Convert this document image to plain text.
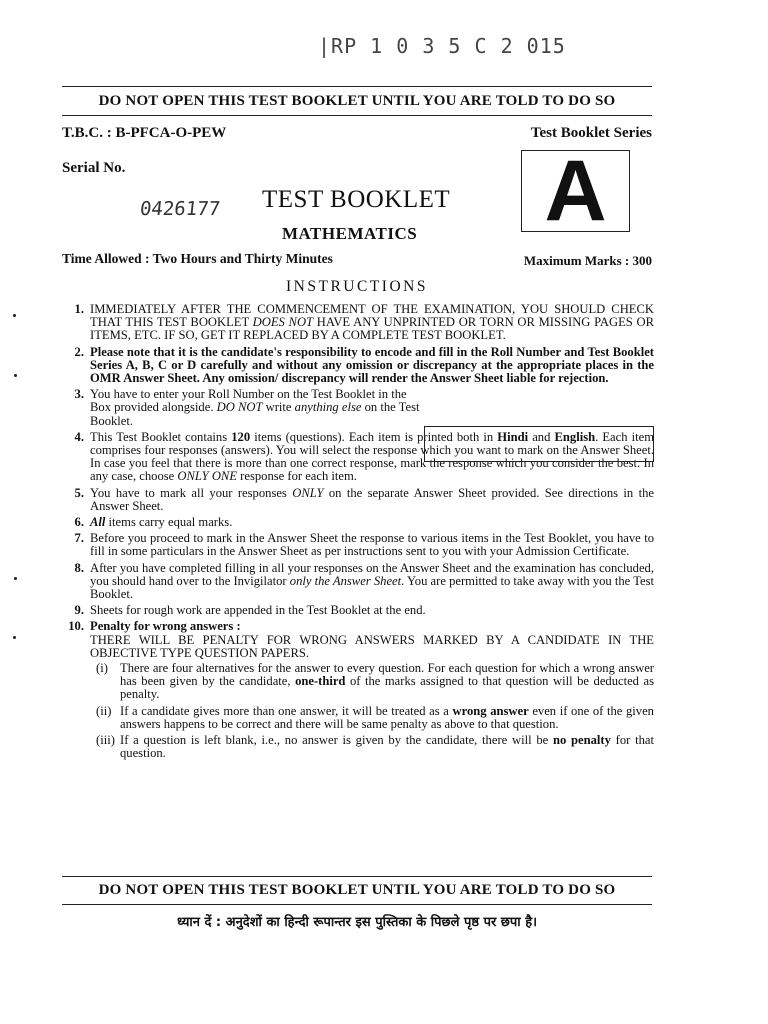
|RP 1 0 3 5 C 2 015
DO NOT OPEN THIS TEST BOOKLET UNTIL YOU ARE TOLD TO DO SO
T.B.C. : B-PFCA-O-PEW	Test Booklet Series
Serial No.
0426177 TEST BOOKLET
MATHEMATICS A
Time Allowed : Two Hours and Thirty Minutes	Maximum Marks : 300
INSTRUCTIONS
1. IMMEDIATELY AFTER THE COMMENCEMENT OF THE EXAMINATION, YOU SHOULD CHECK THAT THIS TEST BOOKLET DOES NOT HAVE ANY UNPRINTED OR TORN OR MISSING PAGES OR ITEMS, ETC. IF SO, GET IT REPLACED BY A COMPLETE TEST BOOKLET.
2. Please note that it is the candidate's responsibility to encode and fill in the Roll Number and Test Booklet Series A, B, C or D carefully and without any omission or discrepancy at the appropriate places in the OMR Answer Sheet. Any omission/ discrepancy will render the Answer Sheet liable for rejection.
3. You have to enter your Roll Number on the Test Booklet in the Box provided alongside. DO NOT write anything else on the Test Booklet.
4. This Test Booklet contains 120 items (questions). Each item is printed both in Hindi and English. Each item comprises four responses (answers). You will select the response which you want to mark on the Answer Sheet. In case you feel that there is more than one correct response, mark the response which you consider the best. In any case, choose ONLY ONE response for each item.
5. You have to mark all your responses ONLY on the separate Answer Sheet provided. See directions in the Answer Sheet.
6. All items carry equal marks.
7. Before you proceed to mark in the Answer Sheet the response to various items in the Test Booklet, you have to fill in some particulars in the Answer Sheet as per instructions sent to you with your Admission Certificate.
8. After you have completed filling in all your responses on the Answer Sheet and the examination has concluded, you should hand over to the Invigilator only the Answer Sheet. You are permitted to take away with you the Test Booklet.
9. Sheets for rough work are appended in the Test Booklet at the end.
10. Penalty for wrong answers :
THERE WILL BE PENALTY FOR WRONG ANSWERS MARKED BY A CANDIDATE IN THE OBJECTIVE TYPE QUESTION PAPERS.
(i) There are four alternatives for the answer to every question. For each question for which a wrong answer has been given by the candidate, one-third of the marks assigned to that question will be deducted as penalty.
(ii) If a candidate gives more than one answer, it will be treated as a wrong answer even if one of the given answers happens to be correct and there will be same penalty as above to that question.
(iii) If a question is left blank, i.e., no answer is given by the candidate, there will be no penalty for that question.
DO NOT OPEN THIS TEST BOOKLET UNTIL YOU ARE TOLD TO DO SO
ध्यान दें : अनुदेशों का हिन्दी रूपान्तर इस पुस्तिका के पिछले पृष्ठ पर छपा है।
